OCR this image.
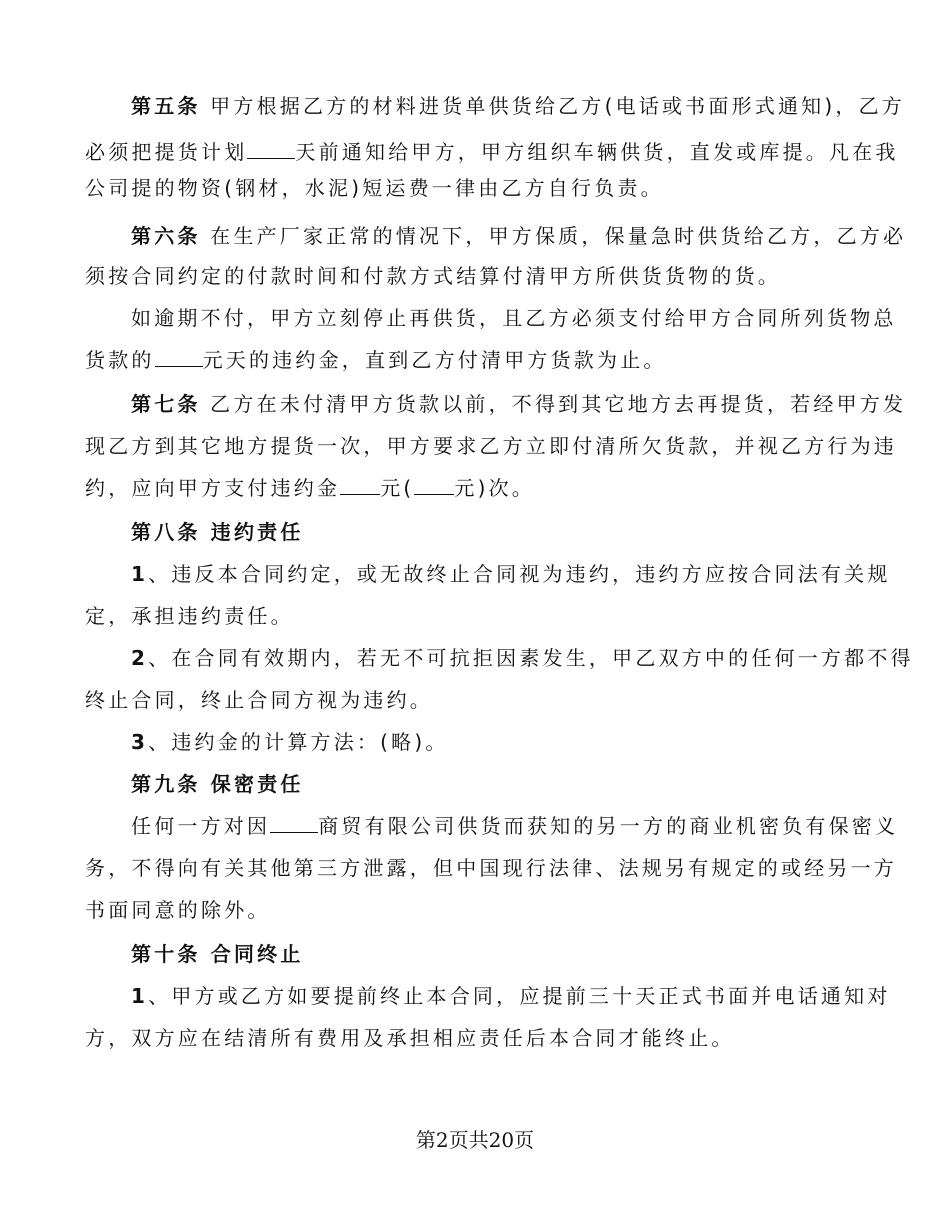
第五条 甲方根据乙方的材料进货单供货给乙方(电话或书面形式通知)，乙方
必须把提货计划 天前通知给甲方，甲方组织车辆供货，直发或库提。凡在我
公司提的物资(钢材，水泥)短运费一律由乙方自行负责。
第六条 在生产厂家正常的情况下，甲方保质，保量急时供货给乙方，乙方必
须按合同约定的付款时间和付款方式结算付清甲方所供货货物的货。
如逾期不付，甲方立刻停止再供货，且乙方必须支付给甲方合同所列货物总
货款的 元天的违约金，直到乙方付清甲方货款为止。
第七条 乙方在未付清甲方货款以前，不得到其它地方去再提货，若经甲方发
现乙方到其它地方提货一次，甲方要求乙方立即付清所欠货款，并视乙方行为违
约，应向甲方支付违约金 元( 元)次。
第八条 违约责任
1、违反本合同约定，或无故终止合同视为违约，违约方应按合同法有关规
定，承担违约责任。
2、在合同有效期内，若无不可抗拒因素发生，甲乙双方中的任何一方都不得
终止合同，终止合同方视为违约。
3、违约金的计算方法：(略)。
第九条 保密责任
任何一方对因 商贸有限公司供货而获知的另一方的商业机密负有保密义
务，不得向有关其他第三方泄露，但中国现行法律、法规另有规定的或经另一方
书面同意的除外。
第十条 合同终止
1、甲方或乙方如要提前终止本合同，应提前三十天正式书面并电话通知对
方，双方应在结清所有费用及承担相应责任后本合同才能终止。
第2页共20页
